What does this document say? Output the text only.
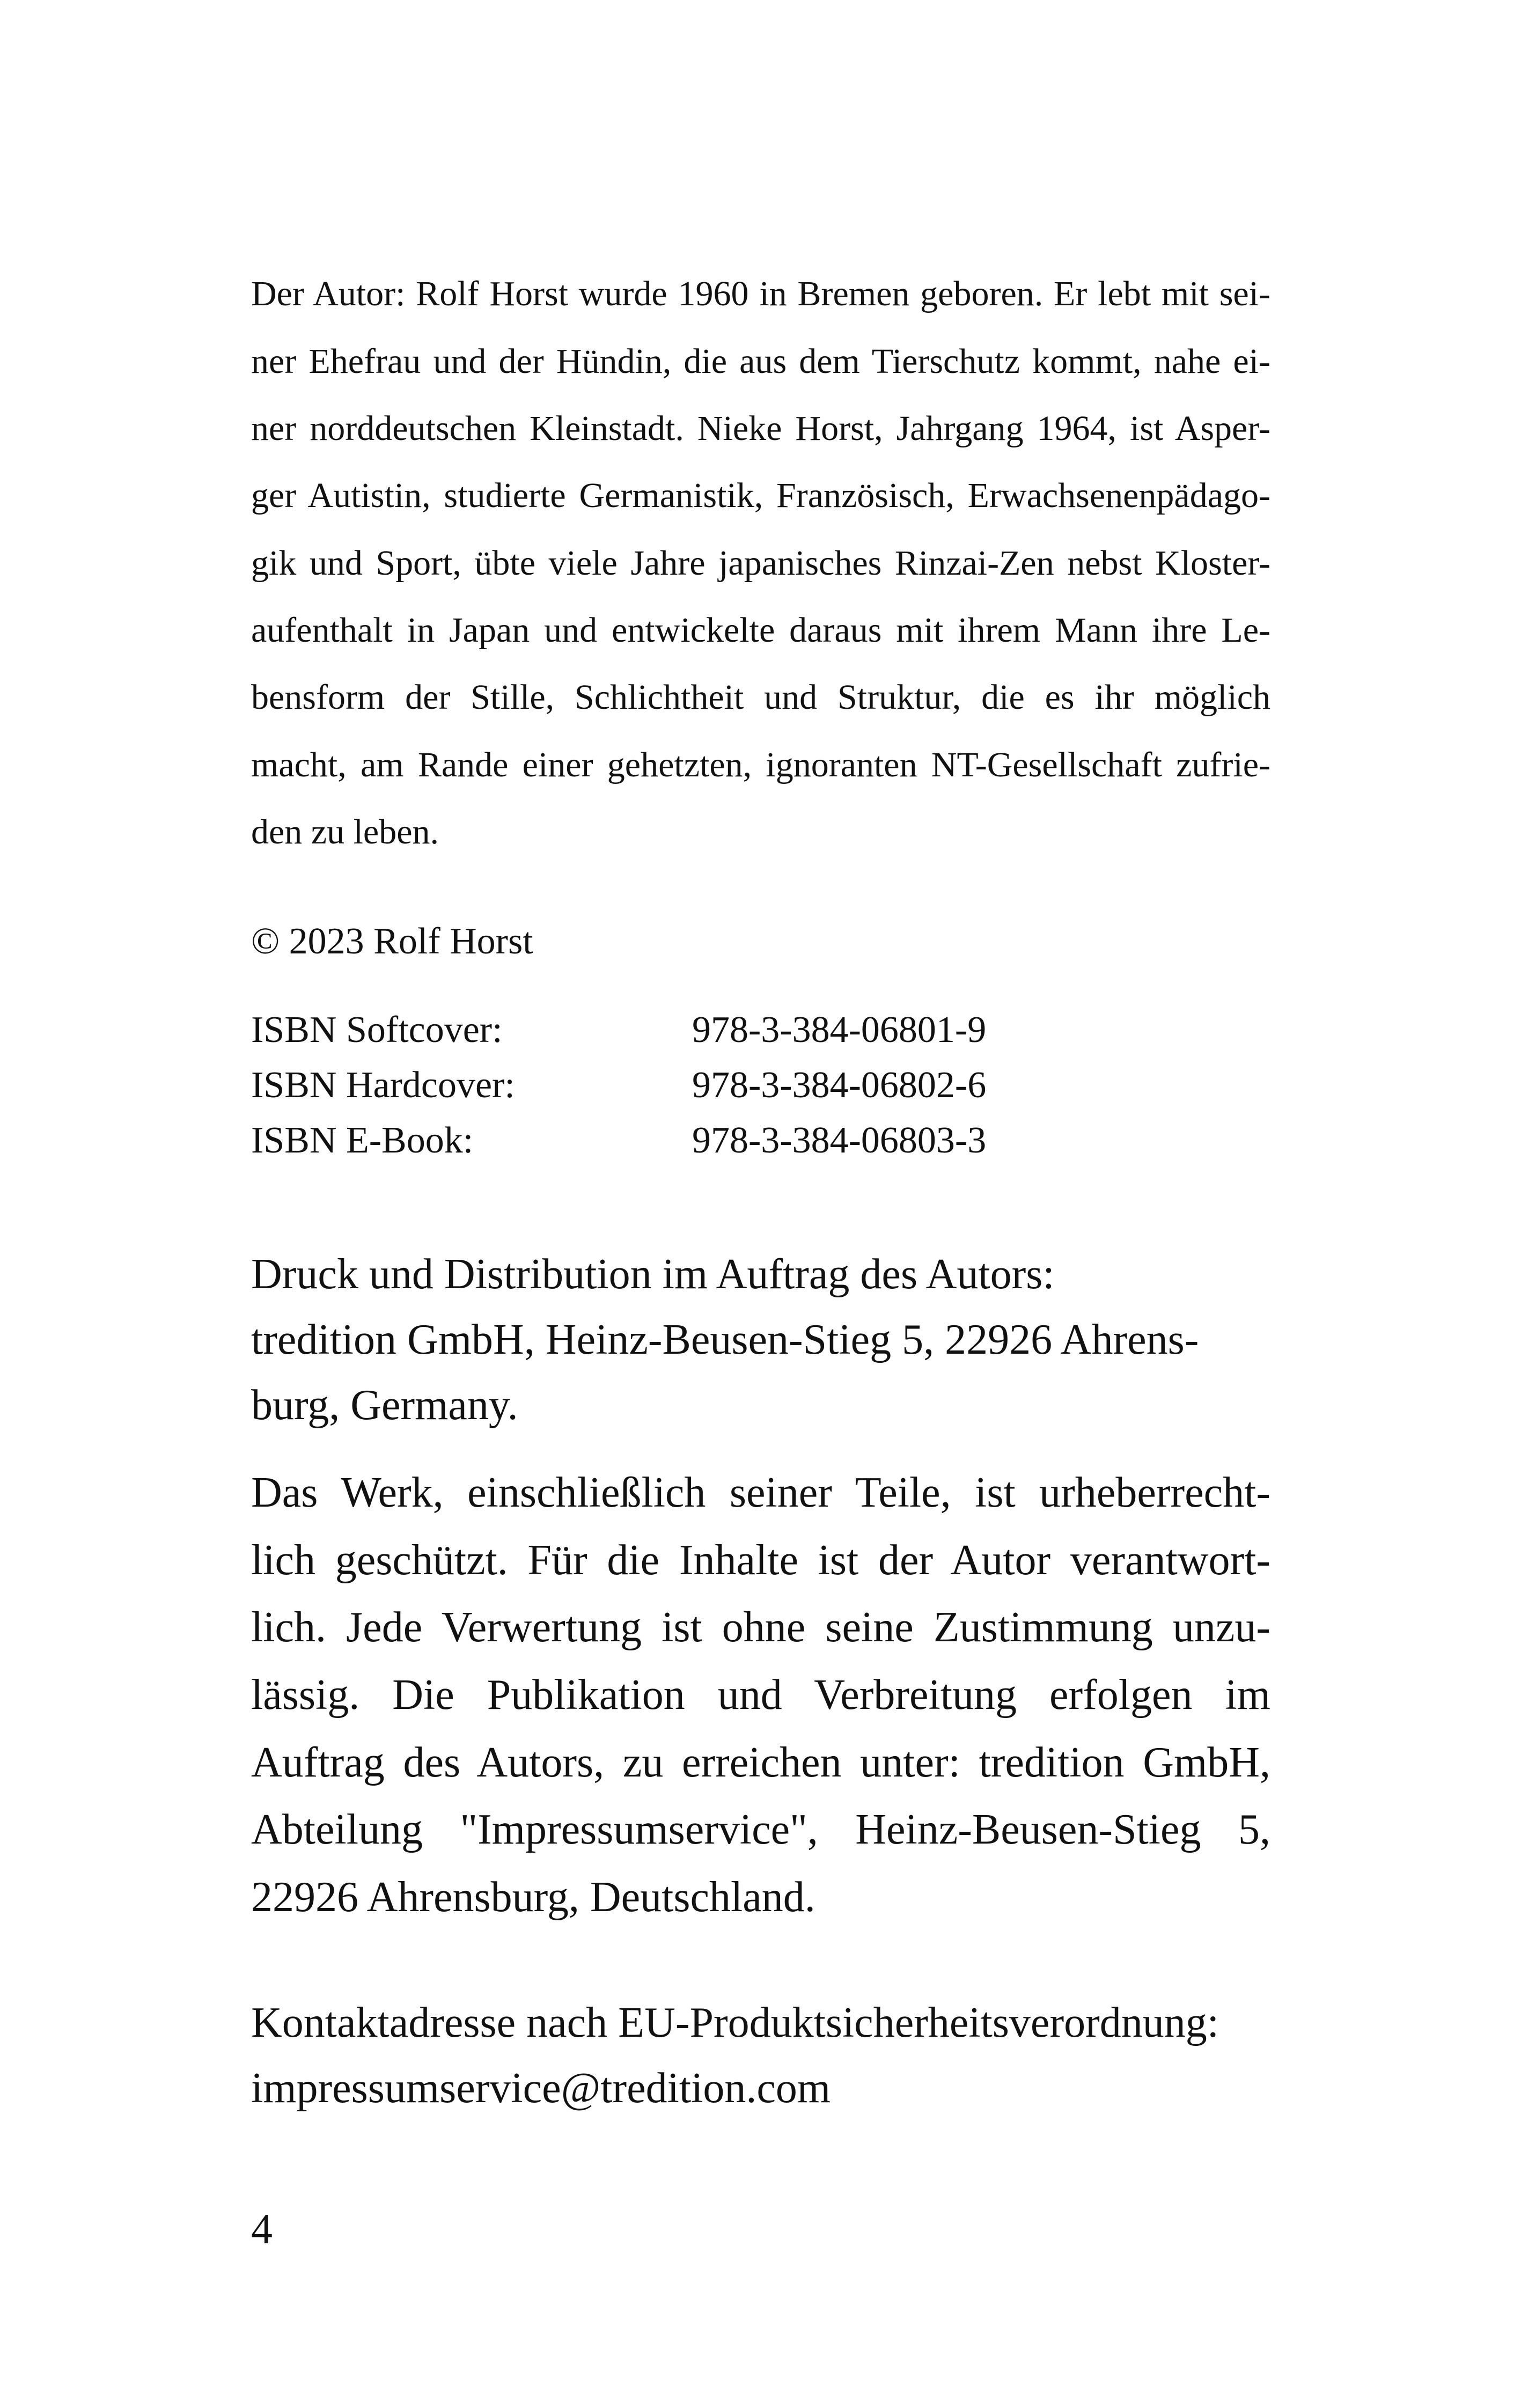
Der Autor: Rolf Horst wurde 1960 in Bremen geboren. Er lebt mit sei-
ner Ehefrau und der Hündin, die aus dem Tierschutz kommt, nahe ei-
ner norddeutschen Kleinstadt. Nieke Horst, Jahrgang 1964, ist Asper-
ger Autistin, studierte Germanistik, Französisch, Erwachsenenpädago-
gik und Sport, übte viele Jahre japanisches Rinzai-Zen nebst Kloster-
aufenthalt in Japan und entwickelte daraus mit ihrem Mann ihre Le-
bensform der Stille, Schlichtheit und Struktur, die es ihr möglich
macht, am Rande einer gehetzten, ignoranten NT-Gesellschaft zufrie-
den zu leben.
© 2023 Rolf Horst
ISBN Softcover:	978-3-384-06801-9
ISBN Hardcover:	978-3-384-06802-6
ISBN E-Book:	978-3-384-06803-3
Druck und Distribution im Auftrag des Autors:
tredition GmbH, Heinz-Beusen-Stieg 5, 22926 Ahrens-
burg, Germany.
Das Werk, einschließlich seiner Teile, ist urheberrecht-
lich geschützt. Für die Inhalte ist der Autor verantwort-
lich. Jede Verwertung ist ohne seine Zustimmung unzu-
lässig. Die Publikation und Verbreitung erfolgen im
Auftrag des Autors, zu erreichen unter: tredition GmbH,
Abteilung "Impressumservice", Heinz-Beusen-Stieg 5,
22926 Ahrensburg, Deutschland.
Kontaktadresse nach EU-Produktsicherheitsverordnung:
impressumservice@tredition.com
4
